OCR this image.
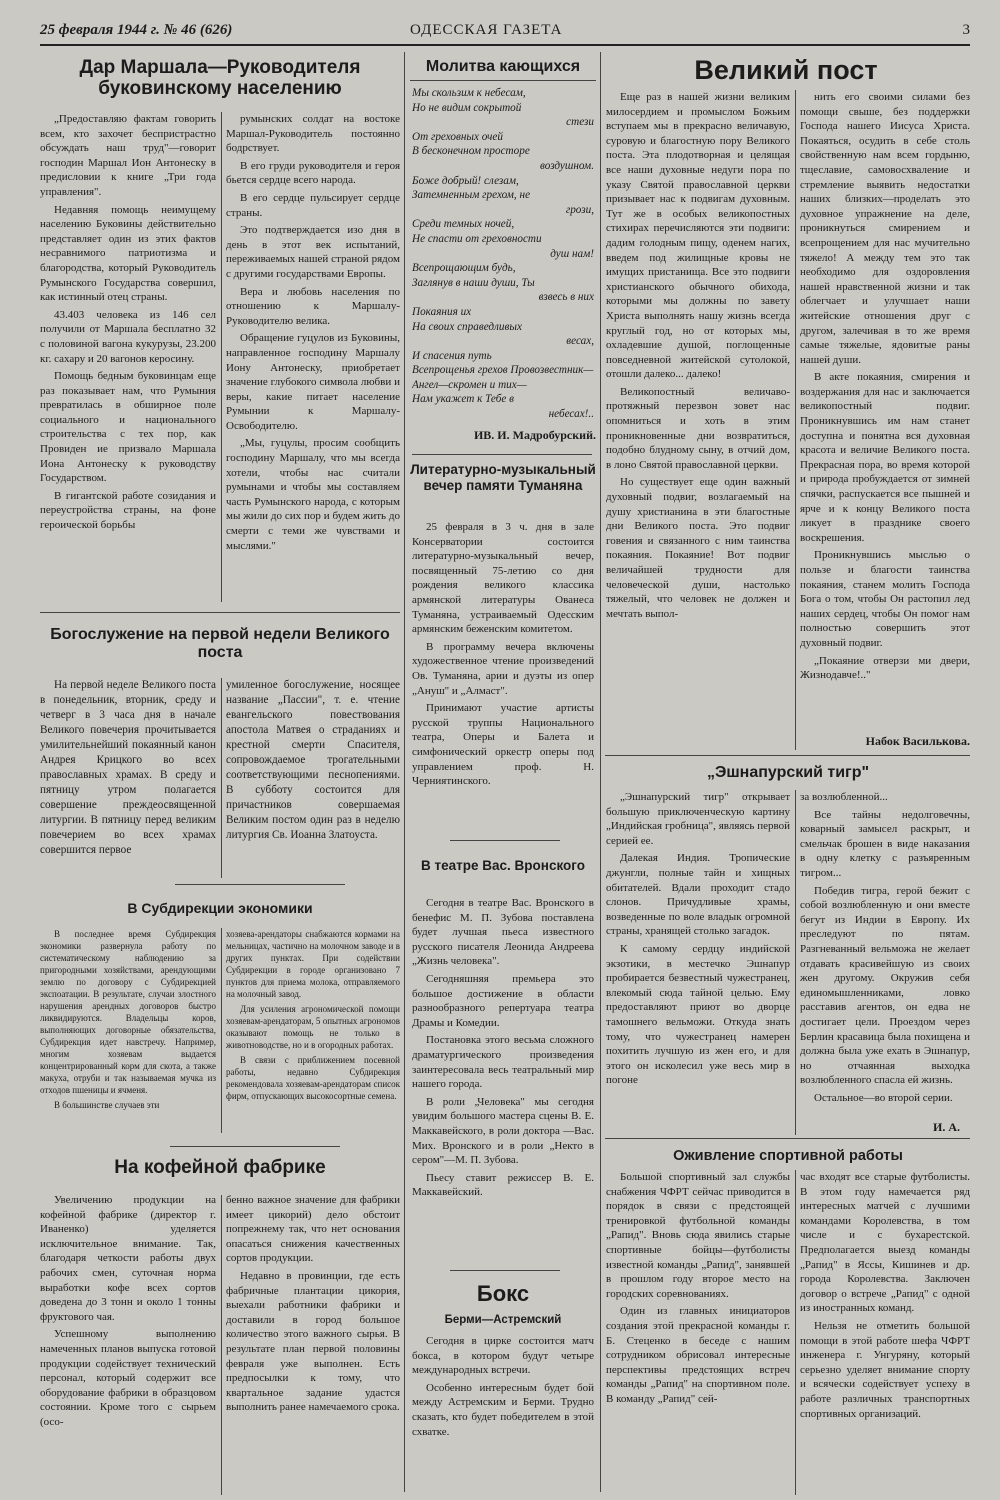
25 февраля 1944 г. № 46 (626)	ОДЕССКАЯ ГАЗЕТА	3
Дар Маршала—Руководителя буковинскому населению

„Предоставляю фактам говорить всем, кто захочет беспристрастно обсуждать наш труд"—говорит господин Маршал Ион Антонеску в предисловии к книге „Три года управления".

Недавняя помощь неимущему населению Буковины действительно представляет один из этих фактов несравнимого патриотизма и благородства, который Руководитель Румынского Государства совершил, как истинный отец страны.

43.403 человека из 146 сел получили от Маршала бесплатно 32 с половиной вагона кукурузы, 23.200 кг. сахару и 20 вагонов керосину.

Помощь бедным буковинцам еще раз показывает нам, что Румыния превратилась в обширное поле социального и национального строительства с тех пор, как Провиден ие призвало Маршала Иона Антонеску к руководству Государством.

В гигантской работе созидания и переустройства страны, на фоне героической борьбы

румынских солдат на востоке Маршал-Руководитель постоянно бодрствует.

В его груди руководителя и героя бьется сердце всего народа.

В его сердце пульсирует сердце страны.

Это подтверждается изо дня в день в этот век испытаний, переживаемых нашей страной рядом с другими государствами Европы.

Вера и любовь населения по отношению к Маршалу-Руководителю велика.

Обращение гуцулов из Буковины, направленное господину Маршалу Иону Антонеску, приобретает значение глубокого символа любви и веры, какие питает население Румынии к Маршалу-Освободителю.

„Мы, гуцулы, просим сообщить господину Маршалу, что мы всегда хотели, чтобы нас считали румынами и чтобы мы составляем часть Румынского народа, с которым мы жили до сих пор и будем жить до смерти с теми же чувствами и мыслями."

Молитва кающихся

Мы скользим к небесам,

Но не видим сокрытой

стези

От греховных очей

В бесконечном просторе

воздушном.

Боже добрый! слезам,

Затемненным грехом, не

грози,

Среди темных ночей,

Не спасти от греховности

душ нам!

Всепрощающим будь,

Заглянув в наши души, Ты

взвесь в них

Покаяния их

На своих справедливых

весах,

И спасения путь

Всепрощенья грехов Провозвестник—

Ангел—скромен и тих—

Нам укажет к Тебе в

небесах!..

ИВ. И. Мадробурский.
Великий пост

Еще раз в нашей жизни великим милосердием и промыслом Божьим вступаем мы в прекрасно величавую, суровую и благостную пору Великого поста. Эта плодотворная и целящая все наши духовные недуги пора по указу Святой православной церкви призывает нас к подвигам духовным. Тут же в особых великопостных стихирах перечисляются эти подвиги: дадим голодным пищу, оденем нагих, введем под жилищные кровы не имущих пристанища. Все это подвиги христианского обычного обихода, которыми мы должны по завету Христа выполнять нашу жизнь всегда круглый год, но от которых мы, охладевшие душой, поглощенные повседневной житейской сутолокой, отошли далеко... далеко!

Великопостный величаво-протяжный перезвон зовет нас опомниться и хоть в этим проникновенные дни возвратиться, подобно блудному сыну, в отчий дом, в лоно Святой православной церкви.

Но существует еще один важный духовный подвиг, возлагаемый на душу христианина в эти благостные дни Великого поста. Это подвиг говения и связанного с ним таинства покаяния. Покаяние! Вот подвиг величайшей трудности для человеческой души, настолько тяжелый, что человек не должен и мечтать выпол-

нить его своими силами без помощи свыше, без поддержки Господа нашего Иисуса Христа. Покаяться, осудить в себе столь свойственную нам всем гордыню, тщеславие, самовосхваление и стремление выявить недостатки наших близких—проделать это духовное упражнение на деле, проникнуться смирением и всепрощением для нас мучительно тяжело! А между тем это так необходимо для оздоровления нашей нравственной жизни и так облегчает и улучшает наши житейские отношения друг с другом, залечивая в то же время самые тяжелые, ядовитые раны нашей души.

В акте покаяния, смирения и воздержания для нас и заключается великопостный подвиг. Проникнувшись им нам станет доступна и понятна вся духовная красота и величие Великого поста. Прекрасная пора, во время которой и природа пробуждается от зимней спячки, распускается все пышней и ярче и к концу Великого поста ликует в празднике своего воскрешения.

Проникнувшись мыслью о пользе и благости таинства покаяния, станем молить Господа Бога о том, чтобы Он растопил лед наших сердец, чтобы Он помог нам полностью совершить этот духовный подвиг.

„Покаяние отверзи ми двери, Жизнодавче!.."

Набок Василькова.
Богослужение на первой недели Великого поста

На первой неделе Великого поста в понедельник, вторник, среду и четверг в 3 часа дня в начале Великого повечерия прочитывается умилительнейший покаянный канон Андрея Крицкого во всех православных храмах. В среду и пятницу утром полагается совершение преждеосвященной литургии. В пятницу перед великим повечерием во всех храмах совершится первое

умиленное богослужение, носящее название „Пассии", т. е. чтение евангельского повествования апостола Матвея о страданиях и крестной смерти Спасителя, сопровождаемое трогательными соответствующими песнопениями. В субботу состоится для причастников совершаемая Великим постом один раз в неделю литургия Св. Иоанна Златоуста.

В Субдирекции экономики

В последнее время Субдирекция экономики развернула работу по систематическому наблюдению за пригородными хозяйствами, арендующими землю по договору с Субдирекцией экспоатации. В результате, случаи злостного нарушения арендных договоров быстро ликвидируются. Владельцы коров, выполняющих договорные обязательства, Субдирекция идет навстречу. Например, многим хозяевам выдается концентрированный корм для скота, а также макуха, отруби и так называемая мучка из отходов пшеницы и ячменя.

В большинстве случаев эти

хозяева-арендаторы снабжаются кормами на мельницах, частично на молочном заводе и в других пунктах. При содействии Субдирекции в городе организовано 7 пунктов для приема молока, отправляемого на молочный завод.

Для усиления агрономической помощи хозяевам-арендаторам, 5 опытных агрономов оказывают помощь не только в животноводстве, но и в огородных работах.

В связи с приближением посевной работы, недавно Субдирекция рекомендовала хозяевам-арендаторам список фирм, отпускающих высокосортные семена.

На кофейной фабрике

Увеличению продукции на кофейной фабрике (директор г. Иваненко) уделяется исключительное внимание. Так, благодаря четкости работы двух рабочих смен, суточная норма выработки кофе всех сортов доведена до 3 тонн и около 1 тонны фруктового чая.

Успешному выполнению намеченных планов выпуска готовой продукции содействует технический персонал, который содержит все оборудование фабрики в образцовом состоянии. Кроме того с сырьем (осо-

бенно важное значение для фабрики имеет цикорий) дело обстоит попрежнему так, что нет основания опасаться снижения качественных сортов продукции.

Недавно в провинции, где есть фабричные плантации цикория, выехали работники фабрики и доставили в город большое количество этого важного сырья. В результате план первой половины февраля уже выполнен. Есть предпосылки к тому, что квартальное задание удастся выполнить ранее намечаемого срока.

Литературно-музыкальный вечер памяти Туманяна

25 февраля в 3 ч. дня в зале Консерватории состоится литературно-музыкальный вечер, посвященный 75-летию со дня рождения великого классика армянской литературы Ованеса Туманяна, устраиваемый Одесским армянским беженским комитетом.

В программу вечера включены художественное чтение произведений Ов. Туманяна, арии и дуэты из опер „Ануш" и „Алмаст".

Принимают участие артисты русской труппы Национального театра, Оперы и Балета и симфонический оркестр оперы под управлением проф. Н. Черниятинского.

В театре Вас. Вронского

Сегодня в театре Вас. Вронского в бенефис М. П. Зубова поставлена будет лучшая пьеса известного русского писателя Леонида Андреева „Жизнь человека".

Сегодняшняя премьера это большое достижение в области разнообразного репертуара театра Драмы и Комедии.

Постановка этого весьма сложного драматургического произведения заинтересовала весь театральный мир нашего города.

В роли „Человека" мы сегодня увидим большого мастера сцены В. Е. Маккавейского, в роли доктора —Вас. Мих. Вронского и в роли „Некто в сером"—М. П. Зубова.

Пьесу ставит режиссер В. Е. Маккавейский.

Бокс
Берми—Астремский

Сегодня в цирке состоится матч бокса, в котором будут четыре международных встречи.

Особенно интересным будет бой между Астремским и Берми. Трудно сказать, кто будет победителем в этой схватке.

„Эшнапурский тигр"

„Эшнапурский тигр" открывает большую приключенческую картину „Индийская гробница", являясь первой серией ее.

Далекая Индия. Тропические джунгли, полные тайн и хищных обитателей. Вдали проходит стадо слонов. Причудливые храмы, возведенные по воле владык огромной страны, хранящей столько загадок.

К самому сердцу индийской экзотики, в местечко Эшнапур пробирается безвестный чужестранец, влекомый сюда тайной целью. Ему предоставляют приют во дворце тамошнего вельможи. Откуда знать тому, что чужестранец намерен похитить лучшую из жен его, и для этого он исколесил уже весь мир в погоне

за возлюбленной...

Все тайны недолговечны, коварный замысел раскрыт, и смельчак брошен в виде наказания в одну клетку с разъяренным тигром...

Победив тигра, герой бежит с собой возлюбленную и они вместе бегут из Индии в Европу. Их преследуют по пятам. Разгневанный вельможа не желает отдавать красивейшую из своих жен другому. Окружив себя единомышленниками, ловко расставив агентов, он едва не достигает цели. Проездом через Берлин красавица была похищена и должна была уже ехать в Эшнапур, но отчаянная выходка возлюбленного спасла ей жизнь.

Остальное—во второй серии.

И. А.
Оживление спортивной работы

Большой спортивный зал службы снабжения ЧФРТ сейчас приводится в порядок в связи с предстоящей тренировкой футбольной команды „Рапид". Вновь сюда явились старые спортивные бойцы—футболисты известной команды „Рапид", занявшей в прошлом году второе место на городских соревнованиях.

Один из главных инициаторов создания этой прекрасной команды г. Б. Стеценко в беседе с нашим сотрудником обрисовал интересные перспективы предстоящих встреч команды „Рапид" на спортивном поле. В команду „Рапид" сей-

час входят все старые футболисты. В этом году намечается ряд интересных матчей с лучшими командами Королевства, в том числе и с бухарестской. Предполагается выезд команды „Рапид" в Яссы, Кишинев и др. города Королевства. Заключен договор о встрече „Рапид" с одной из иностранных команд.

Нельзя не отметить большой помощи в этой работе шефа ЧФРТ инженера г. Унгуряну, который серьезно уделяет внимание спорту и всячески содействует успеху в работе различных транспортных спортивных организаций.
